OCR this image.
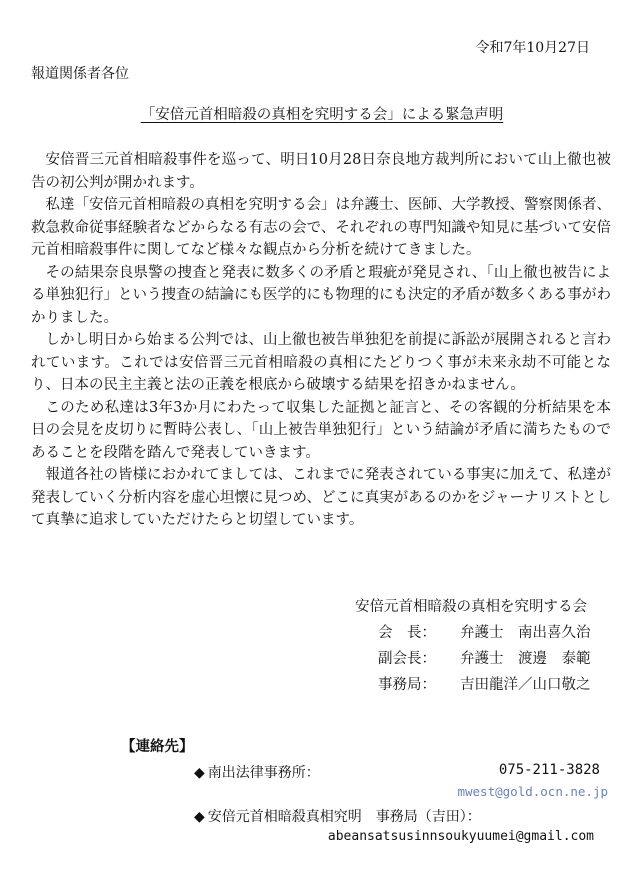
令和7年10月27日
報道関係者各位
「安倍元首相暗殺の真相を究明する会」による緊急声明

安倍晋三元首相暗殺事件を巡って、明日10月28日奈良地方裁判所において山上徹也被告の初公判が開かれます。

私達「安倍元首相暗殺の真相を究明する会」は弁護士、医師、大学教授、警察関係者、救急救命従事経験者などからなる有志の会で、それぞれの専門知識や知見に基づいて安倍元首相暗殺事件に関してなど様々な観点から分析を続けてきました。

その結果奈良県警の捜査と発表に数多くの矛盾と瑕疵が発見され、「山上徹也被告による単独犯行」という捜査の結論にも医学的にも物理的にも決定的矛盾が数多くある事がわかりました。

しかし明日から始まる公判では、山上徹也被告単独犯を前提に訴訟が展開されると言われています。これでは安倍晋三元首相暗殺の真相にたどりつく事が未来永劫不可能となり、日本の民主主義と法の正義を根底から破壊する結果を招きかねません。

このため私達は3年3か月にわたって収集した証拠と証言と、その客観的分析結果を本日の会見を皮切りに暫時公表し、「山上被告単独犯行」という結論が矛盾に満ちたものであることを段階を踏んで発表していきます。

報道各社の皆様におかれてましては、これまでに発表されている事実に加えて、私達が発表していく分析内容を虚心坦懐に見つめ、どこに真実があるのかをジャーナリストとして真摯に追求していただけたらと切望しています。

安倍元首相暗殺の真相を究明する会
会　長：	弁護士　南出喜久治
副会長：	弁護士　渡邊　泰範
事務局：	吉田龍洋／山口敬之
【連絡先】
◆ 南出法律事務所：	075-211-3828
mwest@gold.ocn.ne.jp
◆ 安倍元首相暗殺真相究明　事務局（吉田）：
abeansatsusinnsoukyuumei@gmail.com
